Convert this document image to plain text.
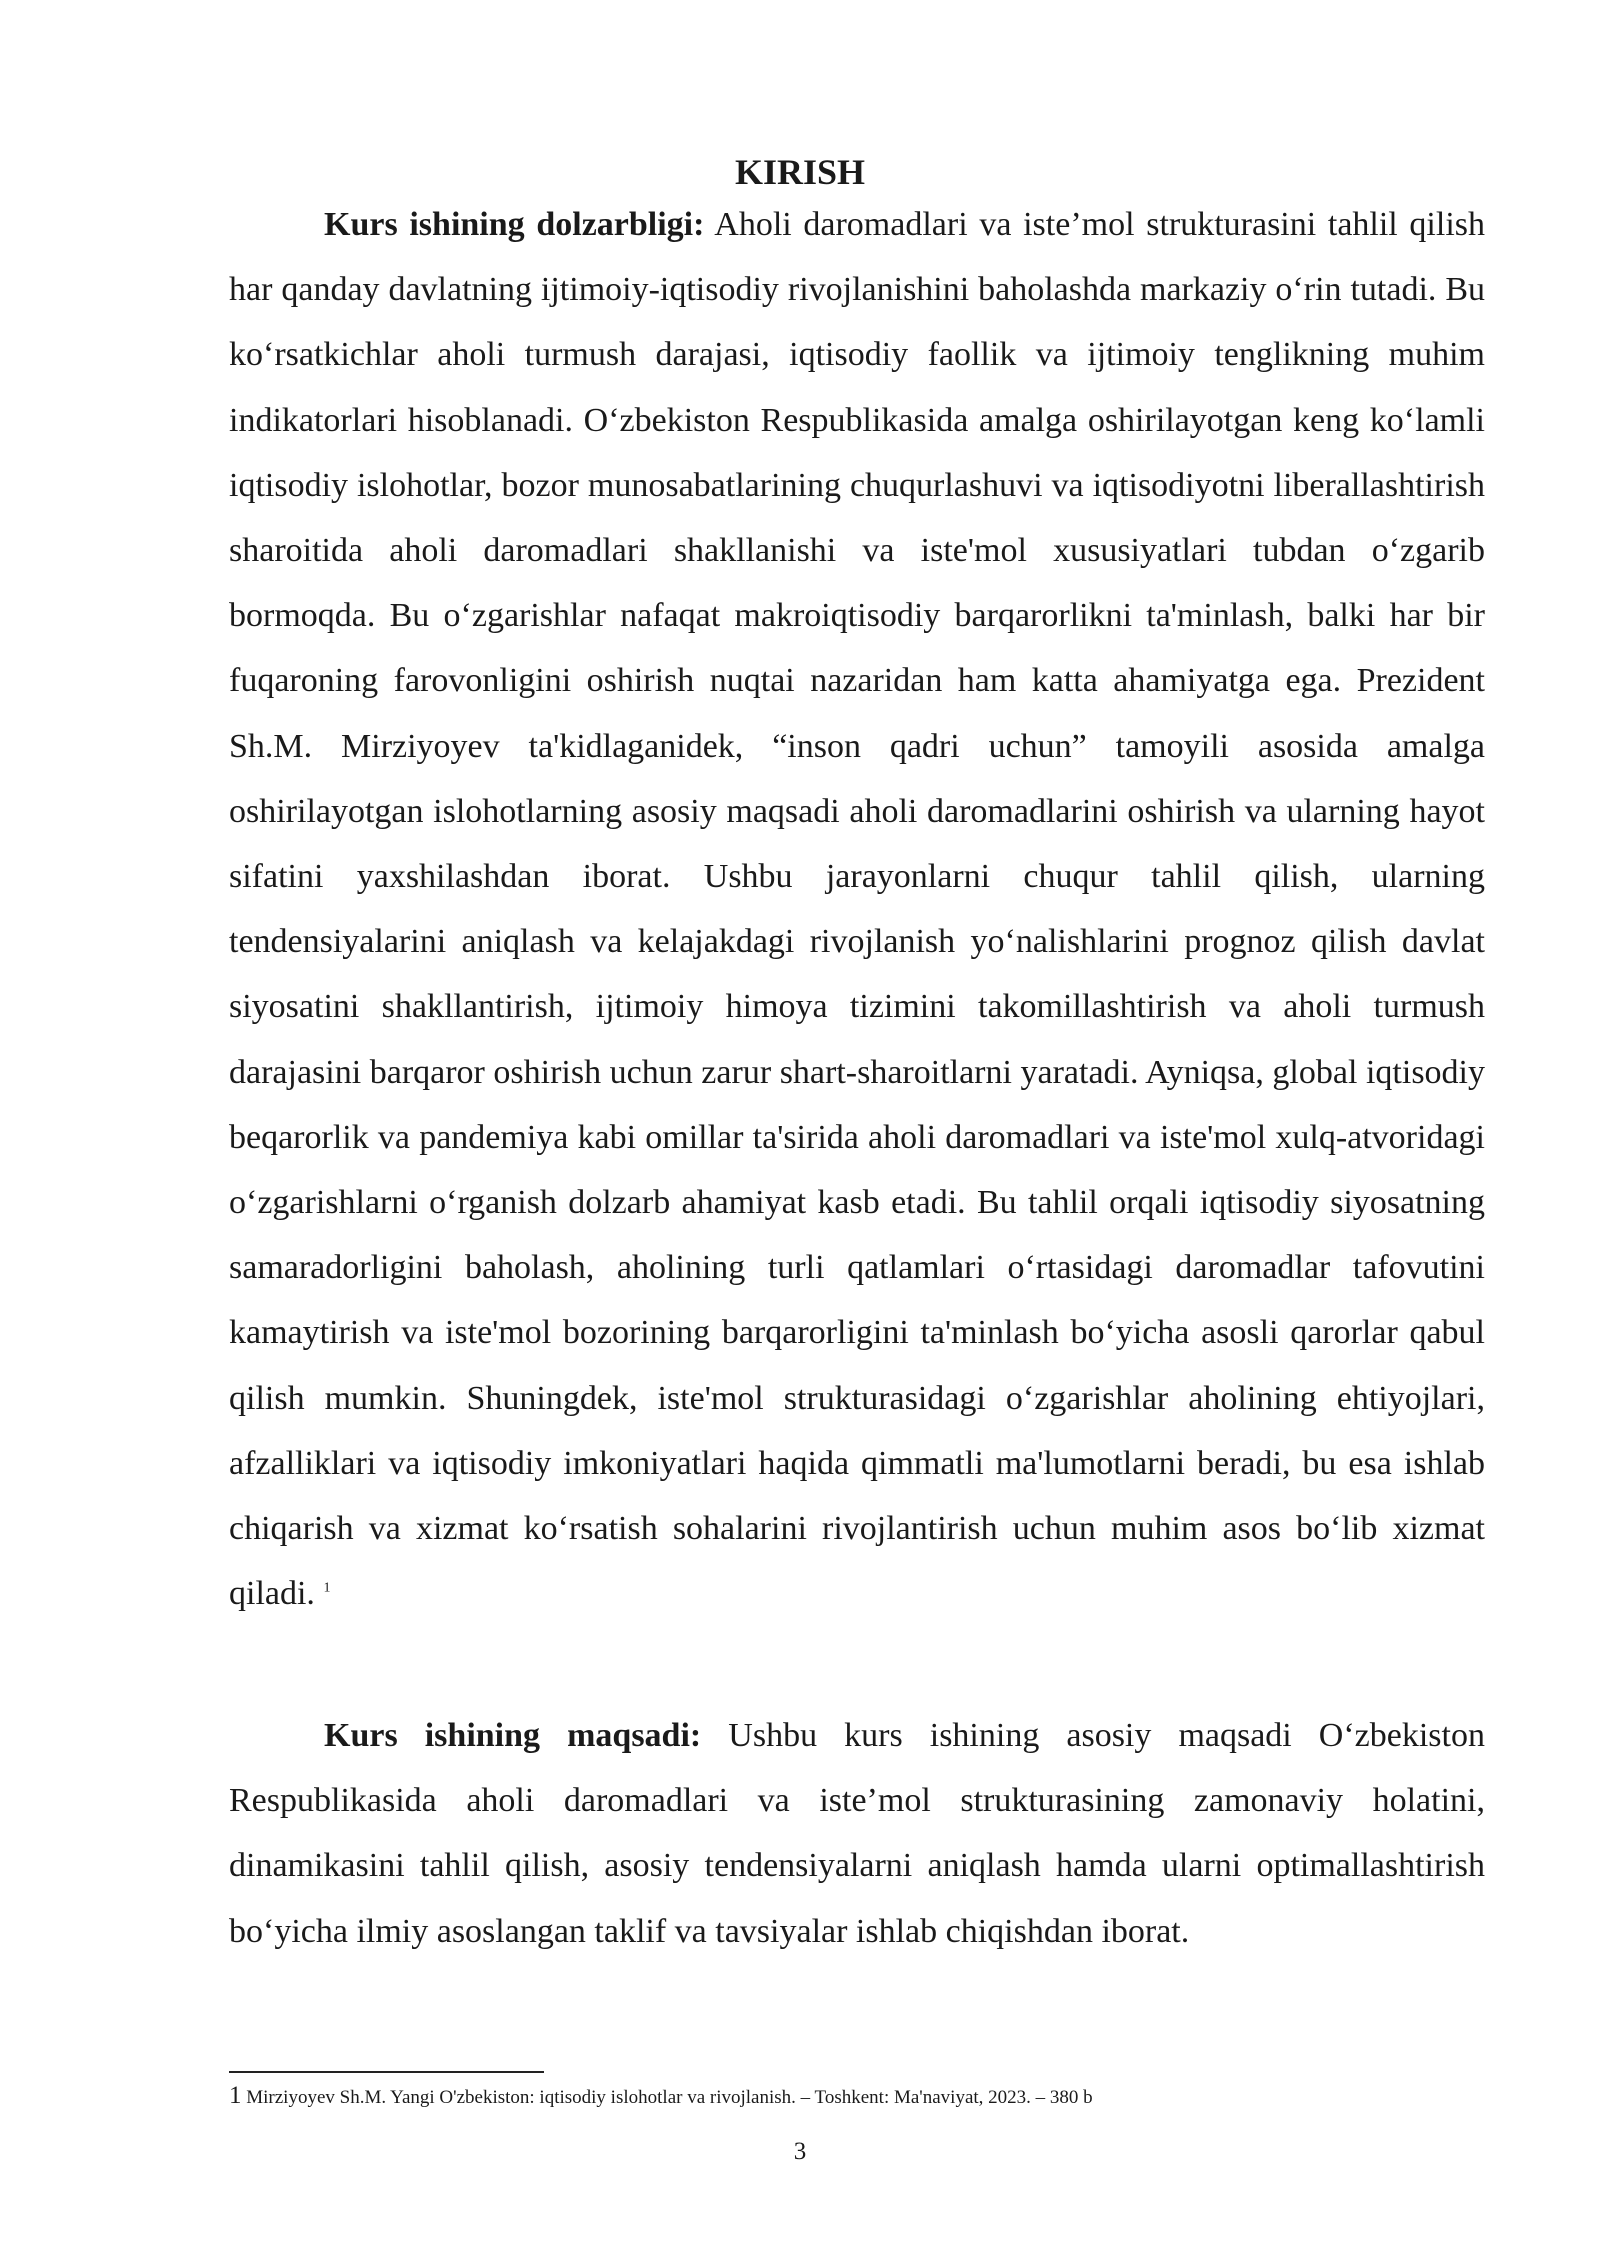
KIRISH

Kurs ishining dolzarbligi: Aholi daromadlari va iste’mol strukturasini tahlil qilish har qanday davlatning ijtimoiy-iqtisodiy rivojlanishini baholashda markaziy o‘rin tutadi. Bu ko‘rsatkichlar aholi turmush darajasi, iqtisodiy faollik va ijtimoiy tenglikning muhim indikatorlari hisoblanadi. O‘zbekiston Respublikasida amalga oshirilayotgan keng ko‘lamli iqtisodiy islohotlar, bozor munosabatlarining chuqurlashuvi va iqtisodiyotni liberallashtirish sharoitida aholi daromadlari shakllanishi va iste'mol xususiyatlari tubdan o‘zgarib bormoqda. Bu o‘zgarishlar nafaqat makroiqtisodiy barqarorlikni ta'minlash, balki har bir fuqaroning farovonligini oshirish nuqtai nazaridan ham katta ahamiyatga ega. Prezident Sh.M. Mirziyoyev ta'kidlaganidek, “inson qadri uchun” tamoyili asosida amalga oshirilayotgan islohotlarning asosiy maqsadi aholi daromadlarini oshirish va ularning hayot sifatini yaxshilashdan iborat. Ushbu jarayonlarni chuqur tahlil qilish, ularning tendensiyalarini aniqlash va kelajakdagi rivojlanish yo‘nalishlarini prognoz qilish davlat siyosatini shakllantirish, ijtimoiy himoya tizimini takomillashtirish va aholi turmush darajasini barqaror oshirish uchun zarur shart-sharoitlarni yaratadi. Ayniqsa, global iqtisodiy beqarorlik va pandemiya kabi omillar ta'sirida aholi daromadlari va iste'mol xulq-atvoridagi o‘zgarishlarni o‘rganish dolzarb ahamiyat kasb etadi. Bu tahlil orqali iqtisodiy siyosatning samaradorligini baholash, aholining turli qatlamlari o‘rtasidagi daromadlar tafovutini kamaytirish va iste'mol bozorining barqarorligini ta'minlash bo‘yicha asosli qarorlar qabul qilish mumkin. Shuningdek, iste'mol strukturasidagi o‘zgarishlar aholining ehtiyojlari, afzalliklari va iqtisodiy imkoniyatlari haqida qimmatli ma'lumotlarni beradi, bu esa ishlab chiqarish va xizmat ko‘rsatish sohalarini rivojlantirish uchun muhim asos bo‘lib xizmat qiladi. $^1$

Kurs ishining maqsadi: Ushbu kurs ishining asosiy maqsadi O‘zbekiston Respublikasida aholi daromadlari va iste’mol strukturasining zamonaviy holatini, dinamikasini tahlil qilish, asosiy tendensiyalarni aniqlash hamda ularni optimallashtirish bo‘yicha ilmiy asoslangan taklif va tavsiyalar ishlab chiqishdan iborat.

1 Mirziyoyev Sh.M. Yangi O'zbekiston: iqtisodiy islohotlar va rivojlanish. – Toshkent: Ma'naviyat, 2023. – 380 b
3
